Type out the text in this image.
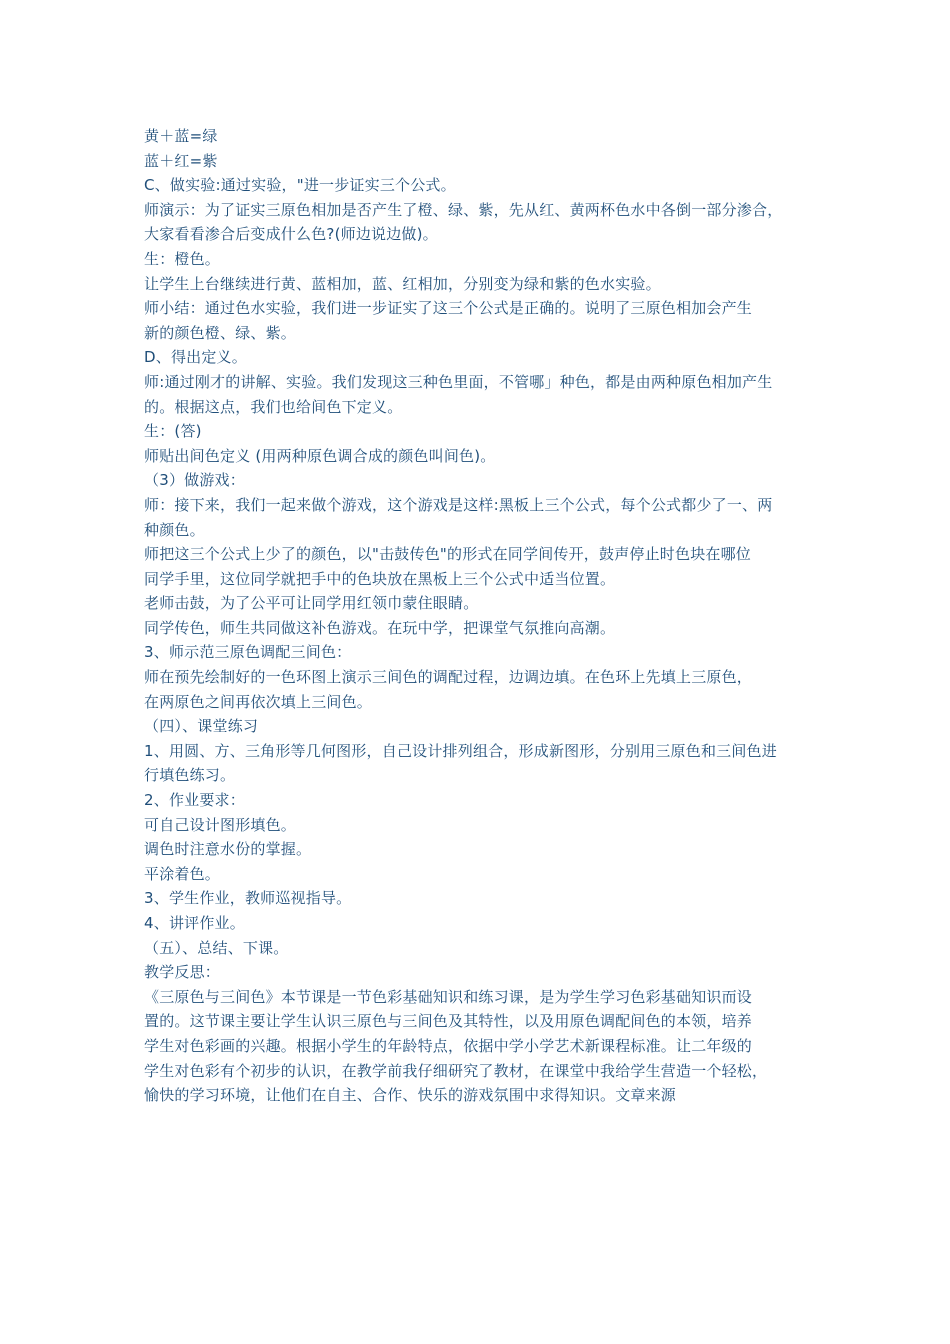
黄＋蓝=绿
蓝＋红=紫
C、做实验:通过实验，"进一步证实三个公式。
师演示：为了证实三原色相加是否产生了橙、绿、紫，先从红、黄两杯色水中各倒一部分渗合，
大家看看渗合后变成什么色?(师边说边做)。
生：橙色。
让学生上台继续进行黄、蓝相加，蓝、红相加，分别变为绿和紫的色水实验。
师小结：通过色水实验，我们进一步证实了这三个公式是正确的。说明了三原色相加会产生
新的颜色橙、绿、紫。
D、得出定义。
师:通过刚才的讲解、实验。我们发现这三种色里面，不管哪」种色，都是由两种原色相加产生
的。根据这点，我们也给间色下定义。
生：(答)
师贴出间色定义 (用两种原色调合成的颜色叫间色)。
（3）做游戏：
师：接下来，我们一起来做个游戏，这个游戏是这样:黑板上三个公式，每个公式都少了一、两
种颜色。
师把这三个公式上少了的颜色，以"击鼓传色"的形式在同学间传开，鼓声停止时色块在哪位
同学手里，这位同学就把手中的色块放在黑板上三个公式中适当位置。
老师击鼓，为了公平可让同学用红领巾蒙住眼睛。
同学传色，师生共同做这补色游戏。在玩中学，把课堂气氛推向高潮。
3、师示范三原色调配三间色：
师在预先绘制好的一色环图上演示三间色的调配过程，边调边填。在色环上先填上三原色，
在两原色之间再依次填上三间色。
（四）、课堂练习
1、用圆、方、三角形等几何图形，自己设计排列组合，形成新图形，分别用三原色和三间色进
行填色练习。
2、作业要求：
可自己设计图形填色。
调色时注意水份的掌握。
平涂着色。
3、学生作业，教师巡视指导。
4、讲评作业。
（五）、总结、下课。
教学反思：
《三原色与三间色》本节课是一节色彩基础知识和练习课，是为学生学习色彩基础知识而设
置的。这节课主要让学生认识三原色与三间色及其特性，以及用原色调配间色的本领，培养
学生对色彩画的兴趣。根据小学生的年龄特点，依据中学小学艺术新课程标准。让二年级的
学生对色彩有个初步的认识，在教学前我仔细研究了教材，在课堂中我给学生营造一个轻松，
愉快的学习环境，让他们在自主、合作、快乐的游戏氛围中求得知识。文章来源
